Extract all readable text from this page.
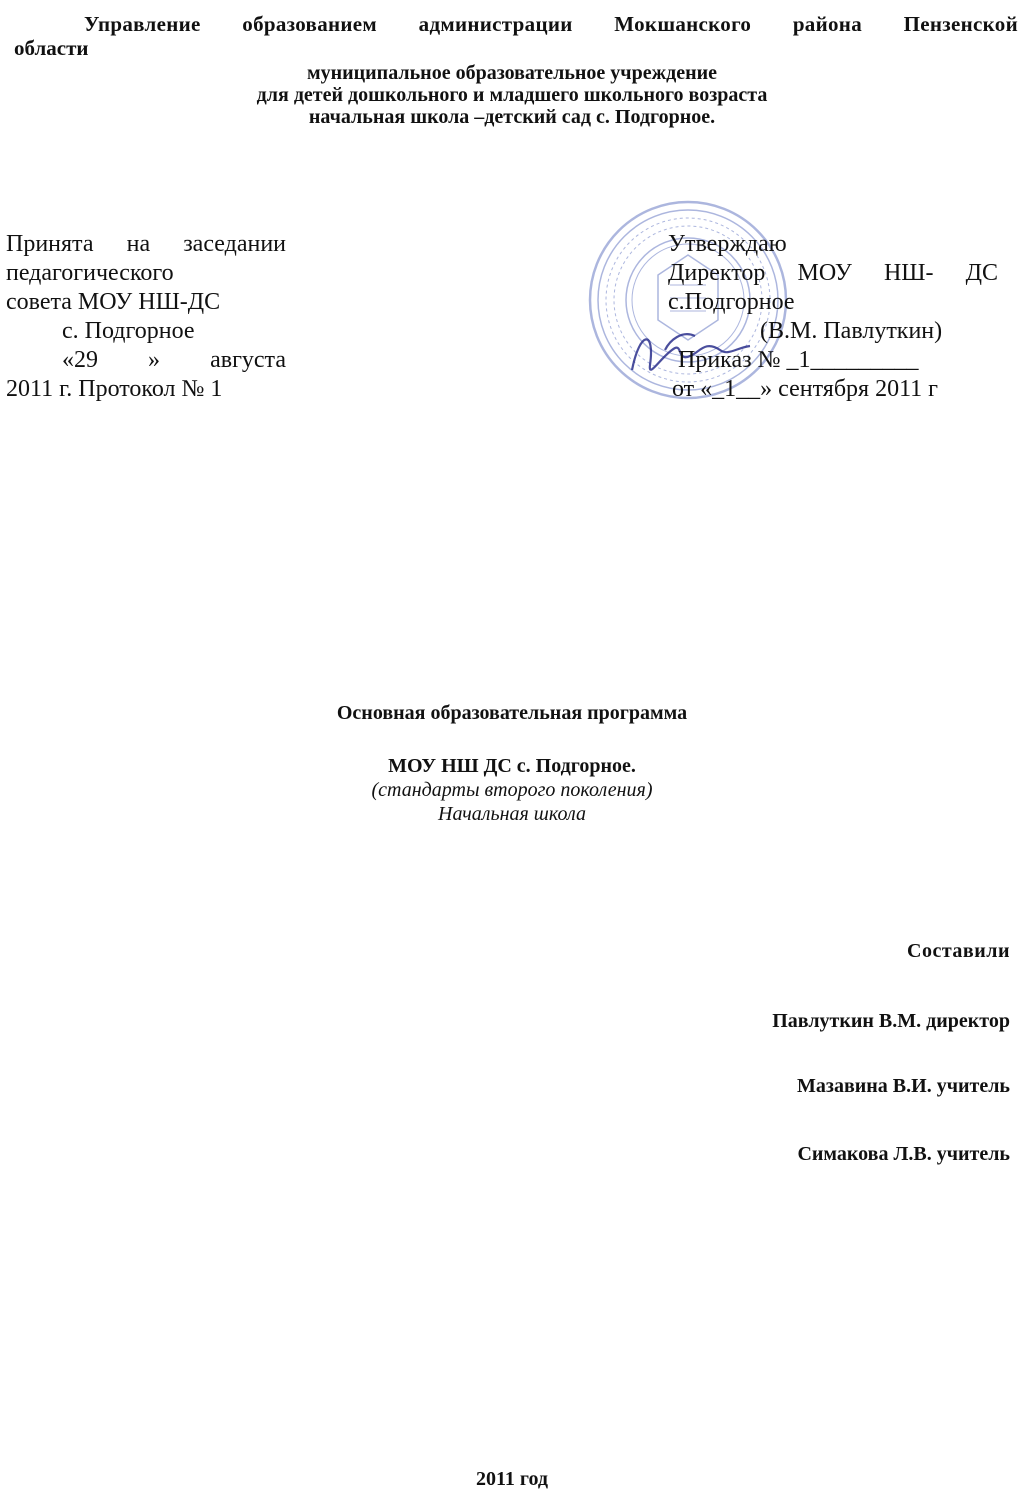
Управление образованием администрации Мокшанского района Пензенской
области
муниципальное образовательное учреждение
для детей дошкольного и младшего школьного возраста
начальная школа –детский сад с. Подгорное.
Принята на заседании
педагогического
совета МОУ НШ-ДС
с. Подгорное
«29 » августа
2011 г. Протокол № 1
Утверждаю
Директор МОУ НШ- ДС
с.Подгорное
(В.М. Павлуткин)
Приказ № _1_________
от «_1__» сентября 2011 г
Основная образовательная программа
МОУ НШ ДС с. Подгорное.
(стандарты второго поколения)
Начальная школа
Составили
Павлуткин В.М. директор
Мазавина В.И. учитель
Симакова Л.В. учитель
2011 год
